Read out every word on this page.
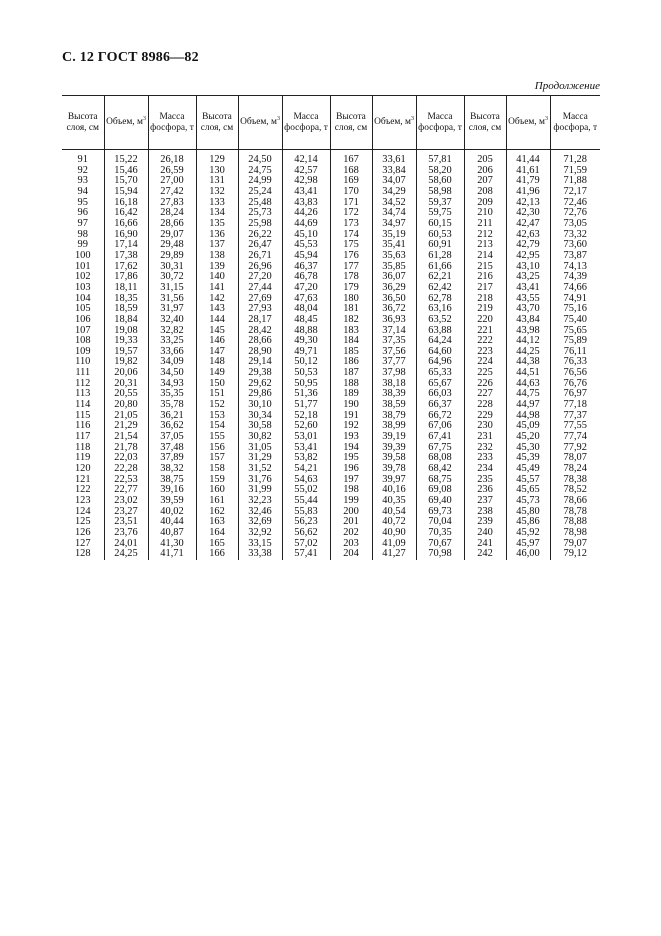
С. 12 ГОСТ 8986—82
Продолжение
Высота слоя, см	Объем, $м^3$	Масса фосфора, т	Высота слоя, см	Объем, $м^3$	Масса фосфора, т	Высота слоя, см	Объем, $м^3$	Масса фосфора, т	Высота слоя, см	Объем, $м^3$	Масса фосфора, т
91	15,22	26,18	129	24,50	42,14	167	33,61	57,81	205	41,44	71,28
92	15,46	26,59	130	24,75	42,57	168	33,84	58,20	206	41,61	71,59
93	15,70	27,00	131	24,99	42,98	169	34,07	58,60	207	41,79	71,88
94	15,94	27,42	132	25,24	43,41	170	34,29	58,98	208	41,96	72,17
95	16,18	27,83	133	25,48	43,83	171	34,52	59,37	209	42,13	72,46
96	16,42	28,24	134	25,73	44,26	172	34,74	59,75	210	42,30	72,76
97	16,66	28,66	135	25,98	44,69	173	34,97	60,15	211	42,47	73,05
98	16,90	29,07	136	26,22	45,10	174	35,19	60,53	212	42,63	73,32
99	17,14	29,48	137	26,47	45,53	175	35,41	60,91	213	42,79	73,60
100	17,38	29,89	138	26,71	45,94	176	35,63	61,28	214	42,95	73,87
101	17,62	30,31	139	26,96	46,37	177	35,85	61,66	215	43,10	74,13
102	17,86	30,72	140	27,20	46,78	178	36,07	62,21	216	43,25	74,39
103	18,11	31,15	141	27,44	47,20	179	36,29	62,42	217	43,41	74,66
104	18,35	31,56	142	27,69	47,63	180	36,50	62,78	218	43,55	74,91
105	18,59	31,97	143	27,93	48,04	181	36,72	63,16	219	43,70	75,16
106	18,84	32,40	144	28,17	48,45	182	36,93	63,52	220	43,84	75,40
107	19,08	32,82	145	28,42	48,88	183	37,14	63,88	221	43,98	75,65
108	19,33	33,25	146	28,66	49,30	184	37,35	64,24	222	44,12	75,89
109	19,57	33,66	147	28,90	49,71	185	37,56	64,60	223	44,25	76,11
110	19,82	34,09	148	29,14	50,12	186	37,77	64,96	224	44,38	76,33
111	20,06	34,50	149	29,38	50,53	187	37,98	65,33	225	44,51	76,56
112	20,31	34,93	150	29,62	50,95	188	38,18	65,67	226	44,63	76,76
113	20,55	35,35	151	29,86	51,36	189	38,39	66,03	227	44,75	76,97
114	20,80	35,78	152	30,10	51,77	190	38,59	66,37	228	44,97	77,18
115	21,05	36,21	153	30,34	52,18	191	38,79	66,72	229	44,98	77,37
116	21,29	36,62	154	30,58	52,60	192	38,99	67,06	230	45,09	77,55
117	21,54	37,05	155	30,82	53,01	193	39,19	67,41	231	45,20	77,74
118	21,78	37,48	156	31,05	53,41	194	39,39	67,75	232	45,30	77,92
119	22,03	37,89	157	31,29	53,82	195	39,58	68,08	233	45,39	78,07
120	22,28	38,32	158	31,52	54,21	196	39,78	68,42	234	45,49	78,24
121	22,53	38,75	159	31,76	54,63	197	39,97	68,75	235	45,57	78,38
122	22,77	39,16	160	31,99	55,02	198	40,16	69,08	236	45,65	78,52
123	23,02	39,59	161	32,23	55,44	199	40,35	69,40	237	45,73	78,66
124	23,27	40,02	162	32,46	55,83	200	40,54	69,73	238	45,80	78,78
125	23,51	40,44	163	32,69	56,23	201	40,72	70,04	239	45,86	78,88
126	23,76	40,87	164	32,92	56,62	202	40,90	70,35	240	45,92	78,98
127	24,01	41,30	165	33,15	57,02	203	41,09	70,67	241	45,97	79,07
128	24,25	41,71	166	33,38	57,41	204	41,27	70,98	242	46,00	79,12
